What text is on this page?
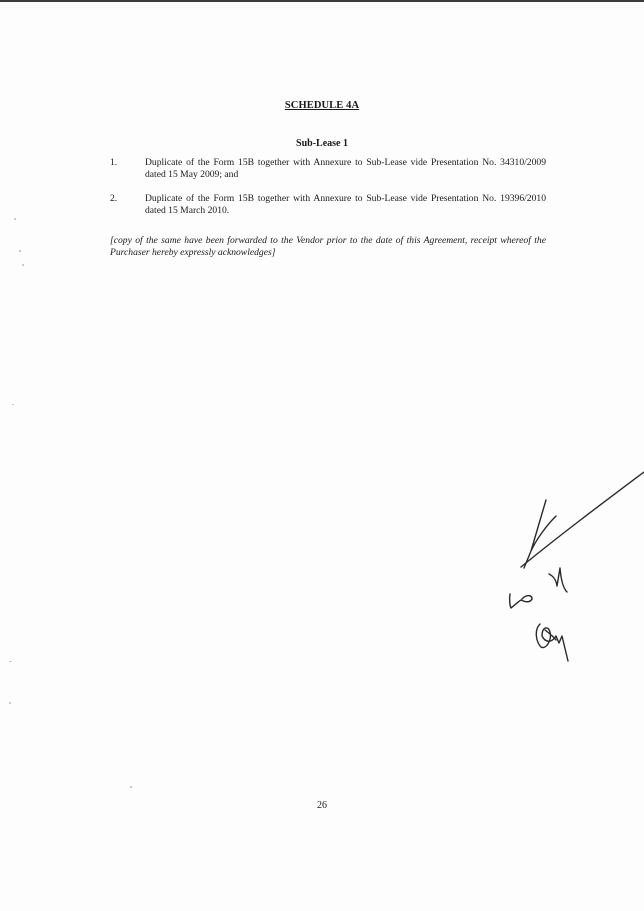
SCHEDULE 4A
Sub-Lease 1
1.	Duplicate of the Form 15B together with Annexure to Sub-Lease vide Presentation No. 34310/2009 dated 15 May 2009; and
2.	Duplicate of the Form 15B together with Annexure to Sub-Lease vide Presentation No. 19396/2010 dated 15 March 2010.
[copy of the same have been forwarded to the Vendor prior to the date of this Agreement, receipt whereof the Purchaser hereby expressly acknowledges]
26
